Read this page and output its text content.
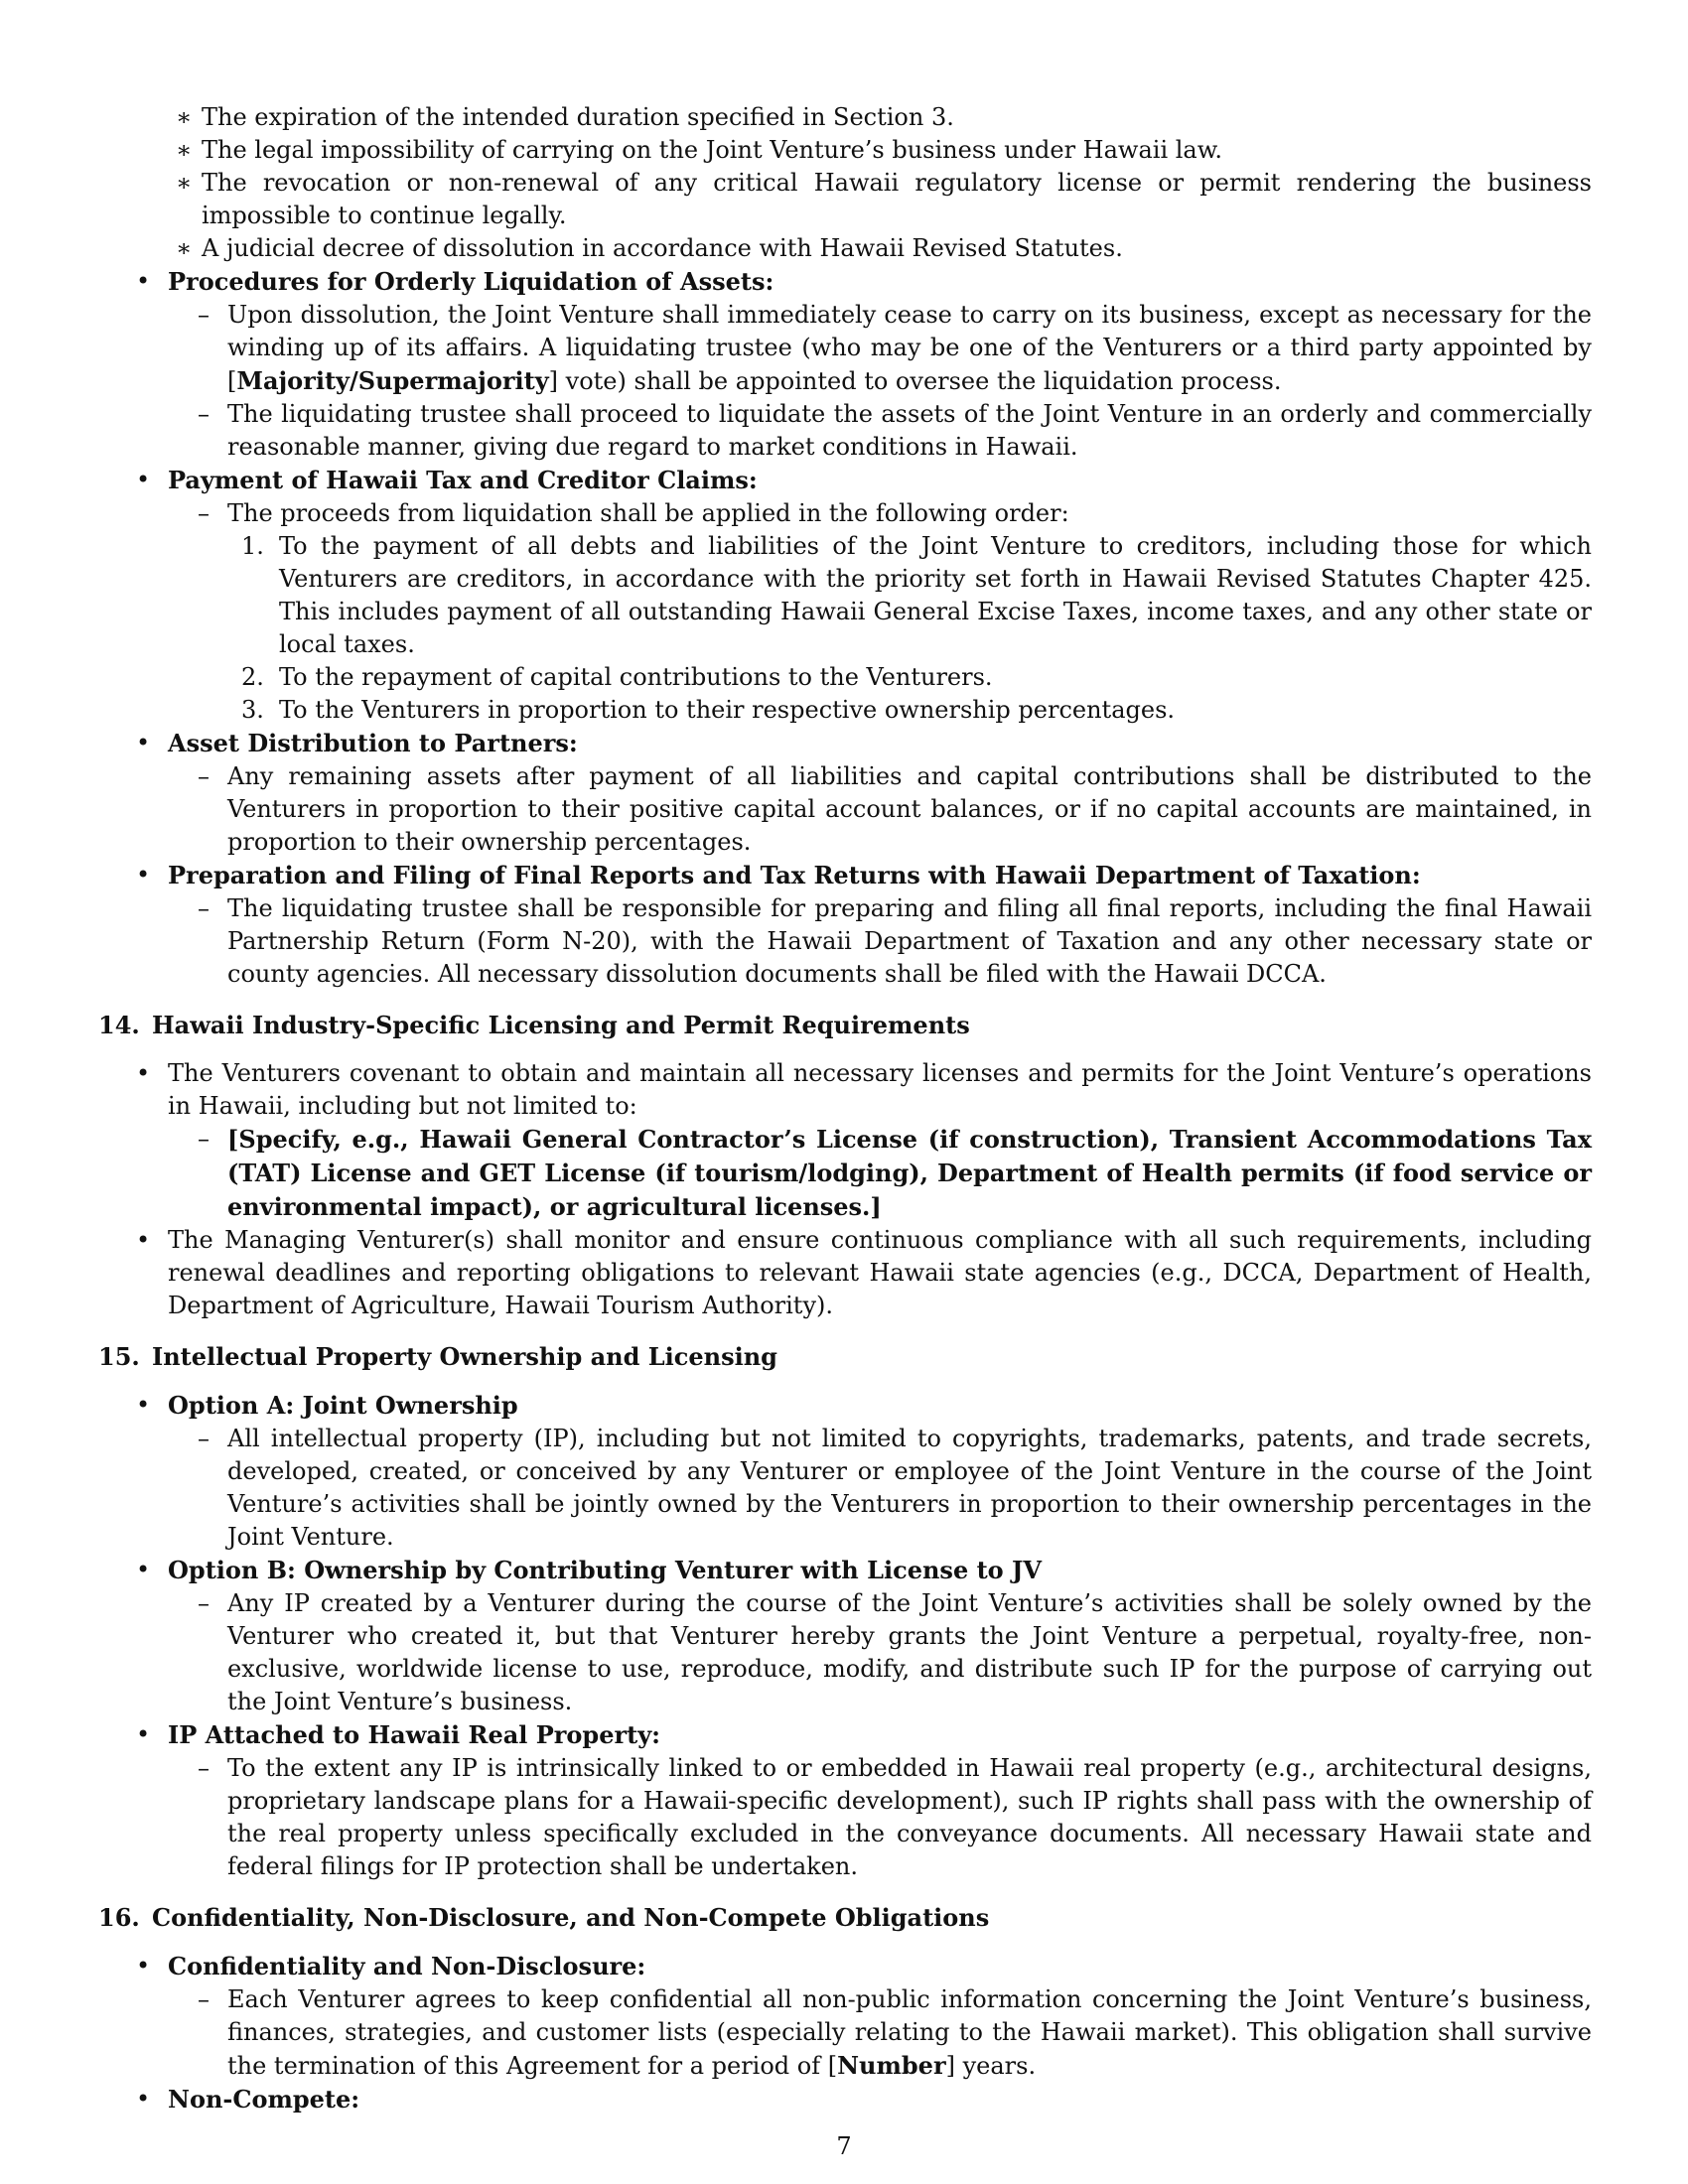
∗ The expiration of the intended duration specified in Section 3.
∗ The legal impossibility of carrying on the Joint Venture’s business under Hawaii law.
∗ The revocation or non-renewal of any critical Hawaii regulatory license or permit rendering the business impossible to continue legally.
∗ A judicial decree of dissolution in accordance with Hawaii Revised Statutes.
• Procedures for Orderly Liquidation of Assets:
– Upon dissolution, the Joint Venture shall immediately cease to carry on its business, except as necessary for the winding up of its affairs. A liquidating trustee (who may be one of the Venturers or a third party appointed by [Majority/Supermajority] vote) shall be appointed to oversee the liquidation process.
– The liquidating trustee shall proceed to liquidate the assets of the Joint Venture in an orderly and commercially reasonable manner, giving due regard to market conditions in Hawaii.
• Payment of Hawaii Tax and Creditor Claims:
– The proceeds from liquidation shall be applied in the following order:
1. To the payment of all debts and liabilities of the Joint Venture to creditors, including those for which Venturers are creditors, in accordance with the priority set forth in Hawaii Revised Statutes Chapter 425. This includes payment of all outstanding Hawaii General Excise Taxes, income taxes, and any other state or local taxes.
2. To the repayment of capital contributions to the Venturers.
3. To the Venturers in proportion to their respective ownership percentages.
• Asset Distribution to Partners:
– Any remaining assets after payment of all liabilities and capital contributions shall be distributed to the Venturers in proportion to their positive capital account balances, or if no capital accounts are maintained, in proportion to their ownership percentages.
• Preparation and Filing of Final Reports and Tax Returns with Hawaii Department of Taxation:
– The liquidating trustee shall be responsible for preparing and filing all final reports, including the final Hawaii Partnership Return (Form N-20), with the Hawaii Department of Taxation and any other necessary state or county agencies. All necessary dissolution documents shall be filed with the Hawaii DCCA.
14. Hawaii Industry-Specific Licensing and Permit Requirements
• The Venturers covenant to obtain and maintain all necessary licenses and permits for the Joint Venture’s operations in Hawaii, including but not limited to:
– [Specify, e.g., Hawaii General Contractor’s License (if construction), Transient Accommodations Tax (TAT) License and GET License (if tourism/lodging), Department of Health permits (if food service or environmental impact), or agricultural licenses.]
• The Managing Venturer(s) shall monitor and ensure continuous compliance with all such requirements, including renewal deadlines and reporting obligations to relevant Hawaii state agencies (e.g., DCCA, Department of Health, Department of Agriculture, Hawaii Tourism Authority).
15. Intellectual Property Ownership and Licensing
• Option A: Joint Ownership
– All intellectual property (IP), including but not limited to copyrights, trademarks, patents, and trade secrets, developed, created, or conceived by any Venturer or employee of the Joint Venture in the course of the Joint Venture’s activities shall be jointly owned by the Venturers in proportion to their ownership percentages in the Joint Venture.
• Option B: Ownership by Contributing Venturer with License to JV
– Any IP created by a Venturer during the course of the Joint Venture’s activities shall be solely owned by the Venturer who created it, but that Venturer hereby grants the Joint Venture a perpetual, royalty-free, non-exclusive, worldwide license to use, reproduce, modify, and distribute such IP for the purpose of carrying out the Joint Venture’s business.
• IP Attached to Hawaii Real Property:
– To the extent any IP is intrinsically linked to or embedded in Hawaii real property (e.g., architectural designs, proprietary landscape plans for a Hawaii-specific development), such IP rights shall pass with the ownership of the real property unless specifically excluded in the conveyance documents. All necessary Hawaii state and federal filings for IP protection shall be undertaken.
16. Confidentiality, Non-Disclosure, and Non-Compete Obligations
• Confidentiality and Non-Disclosure:
– Each Venturer agrees to keep confidential all non-public information concerning the Joint Venture’s business, finances, strategies, and customer lists (especially relating to the Hawaii market). This obligation shall survive the termination of this Agreement for a period of [Number] years.
• Non-Compete:
7
